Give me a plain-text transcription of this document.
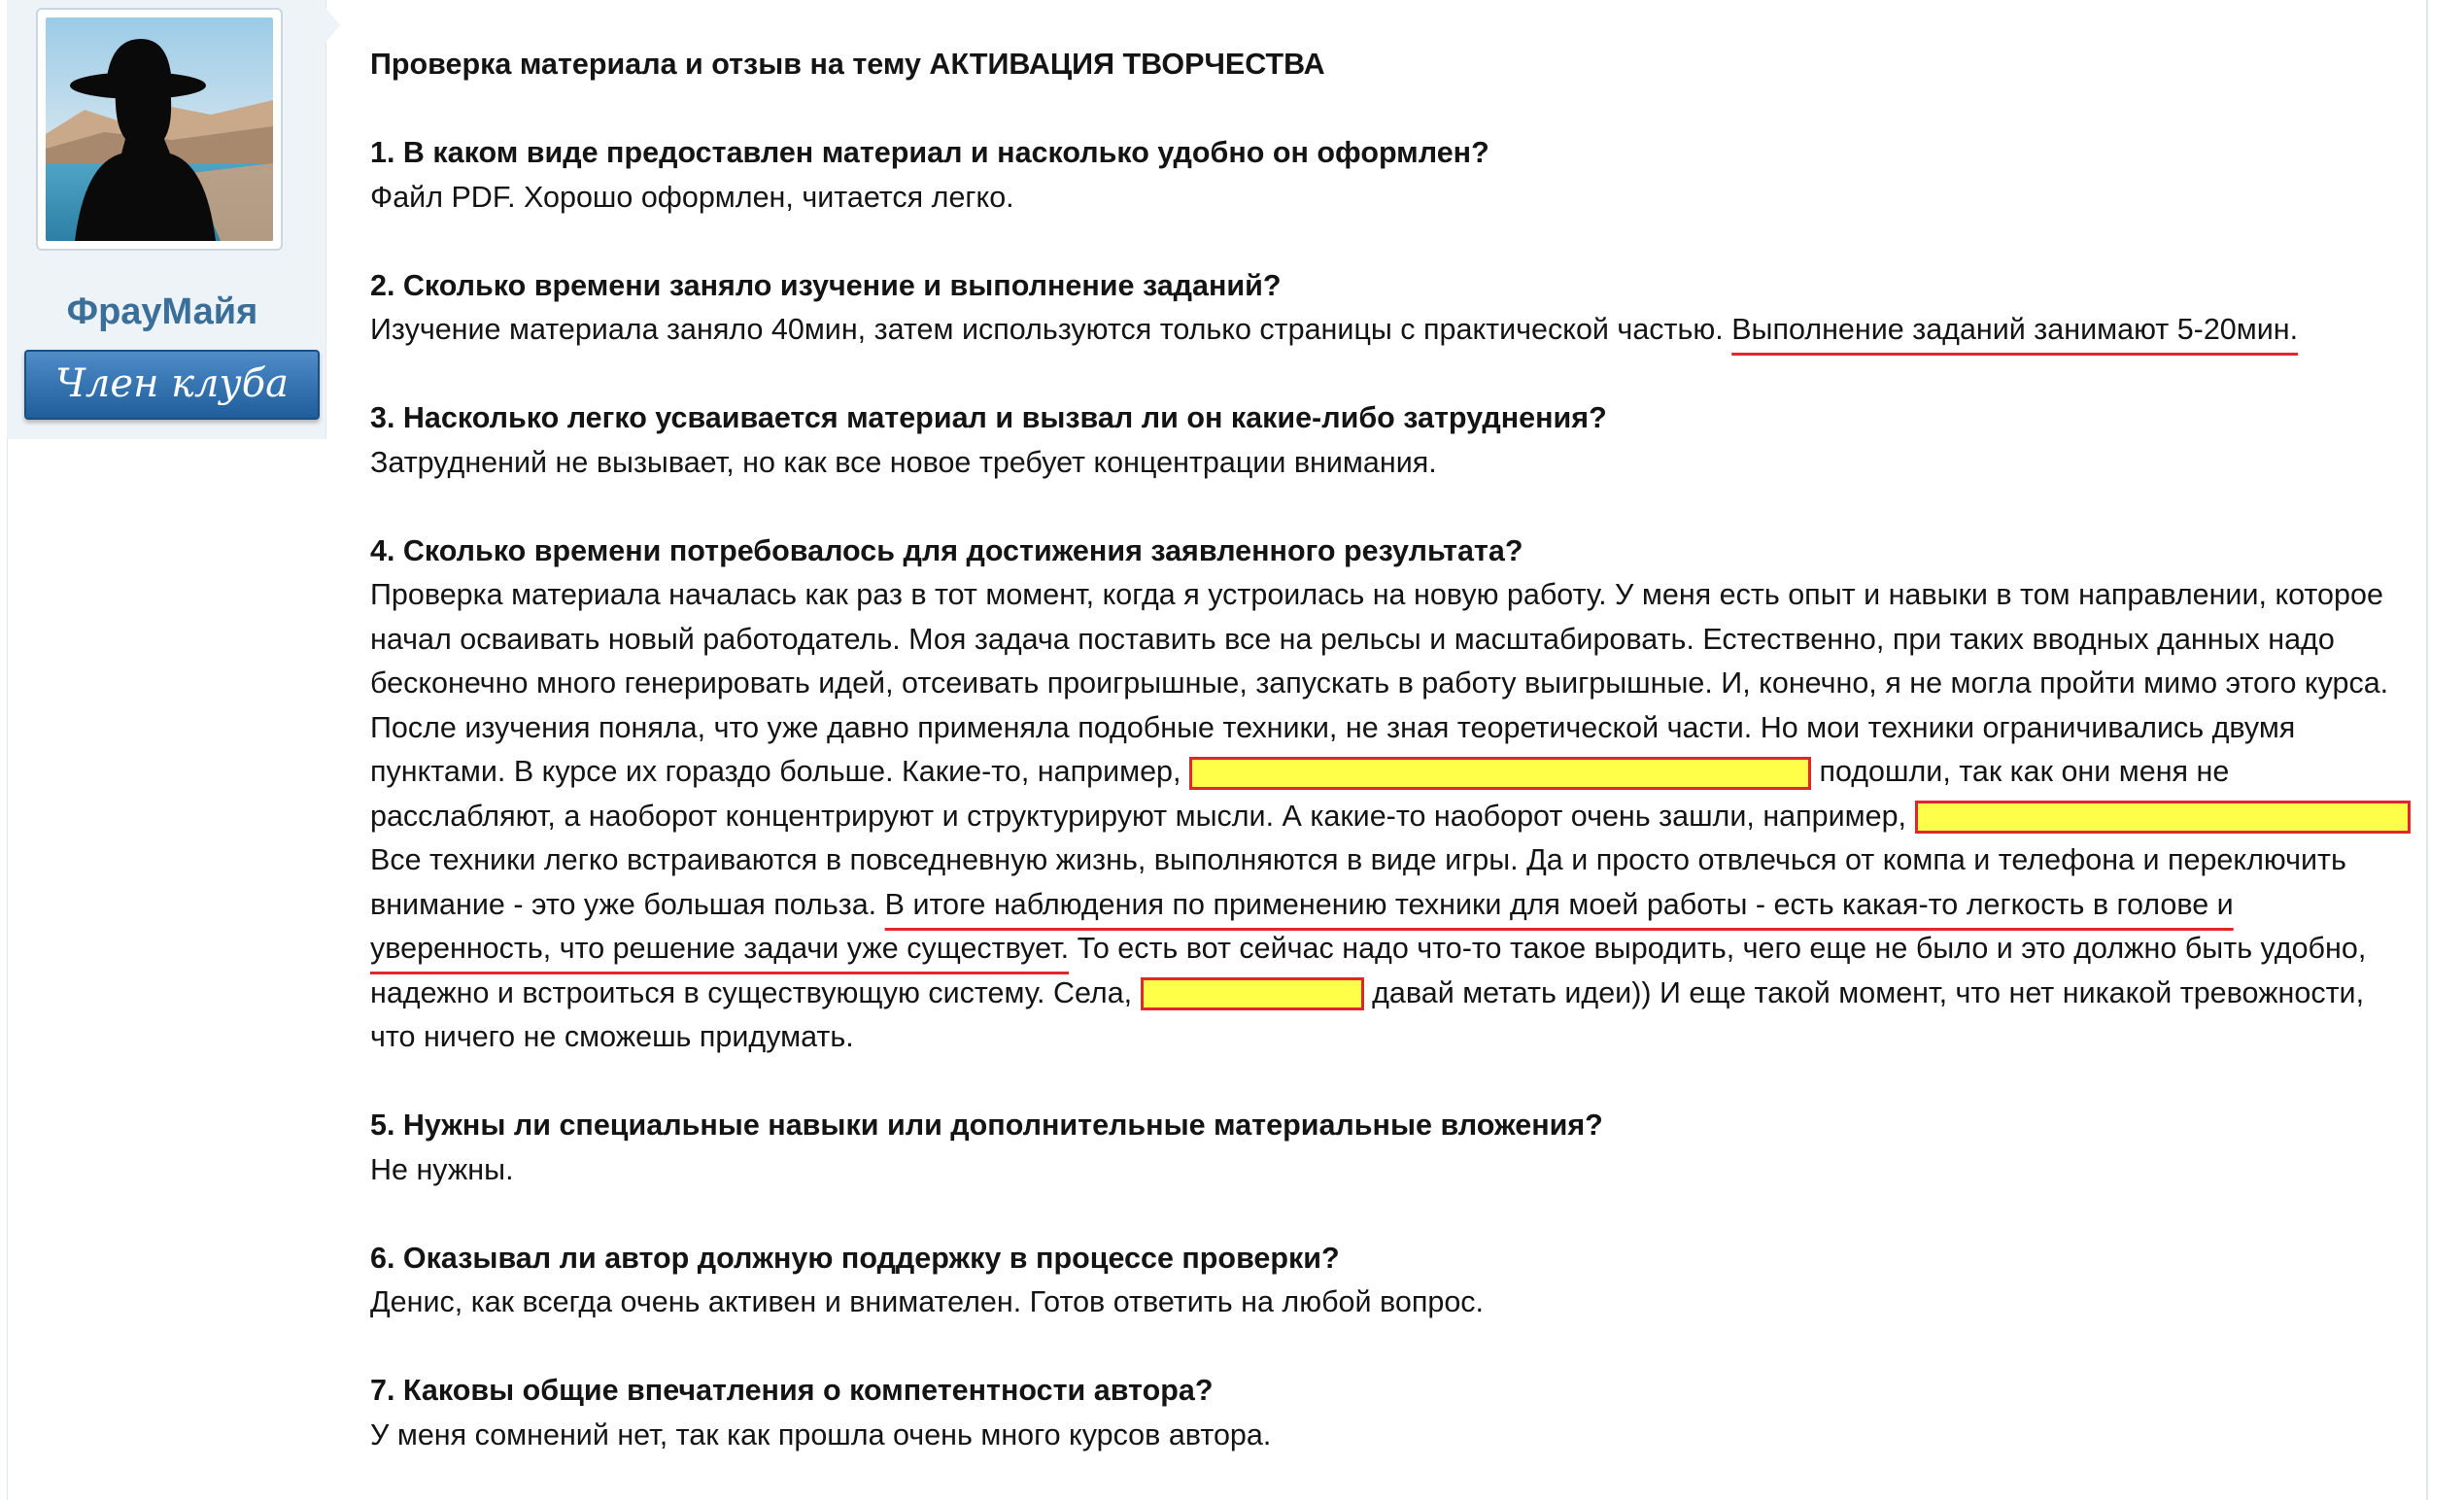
ФрауМайя
Член клуба
Проверка материала и отзыв на тему АКТИВАЦИЯ ТВОРЧЕСТВА
1. В каком виде предоставлен материал и насколько удобно он оформлен?
Файл PDF. Хорошо оформлен, читается легко.
2. Сколько времени заняло изучение и выполнение заданий?
Изучение материала заняло 40мин, затем используются только страницы с практической частью. Выполнение заданий занимают 5-20мин.
3. Насколько легко усваивается материал и вызвал ли он какие-либо затруднения?
Затруднений не вызывает, но как все новое требует концентрации внимания.
4. Сколько времени потребовалось для достижения заявленного результата?
Проверка материала началась как раз в тот момент, когда я устроилась на новую работу. У меня есть опыт и навыки в том направлении, которое начал осваивать новый работодатель. Моя задача поставить все на рельсы и масштабировать. Естественно, при таких вводных данных надо бесконечно много генерировать идей, отсеивать проигрышные, запускать в работу выигрышные. И, конечно, я не могла пройти мимо этого курса. После изучения поняла, что уже давно применяла подобные техники, не зная теоретической части. Но мои техники ограничивались двумя пунктами. В курсе их гораздо больше. Какие-то, например,	подошли, так как они меня не расслабляют, а наоборот концентрируют и структурируют мысли. А какие-то наоборот очень зашли, например,  Все техники легко встраиваются в повседневную жизнь, выполняются в виде игры. Да и просто отвлечься от компа и телефона и переключить внимание - это уже большая польза. В итоге наблюдения по применению техники для моей работы - есть какая-то легкость в голове и уверенность, что решение задачи уже существует. То есть вот сейчас надо что-то такое выродить, чего еще не было и это должно быть удобно, надежно и встроиться в существующую систему. Села,	давай метать идеи)) И еще такой момент, что нет никакой тревожности, что ничего не сможешь придумать.
5. Нужны ли специальные навыки или дополнительные материальные вложения?
Не нужны.
6. Оказывал ли автор должную поддержку в процессе проверки?
Денис, как всегда очень активен и внимателен. Готов ответить на любой вопрос.
7. Каковы общие впечатления о компетентности автора?
У меня сомнений нет, так как прошла очень много курсов автора.
